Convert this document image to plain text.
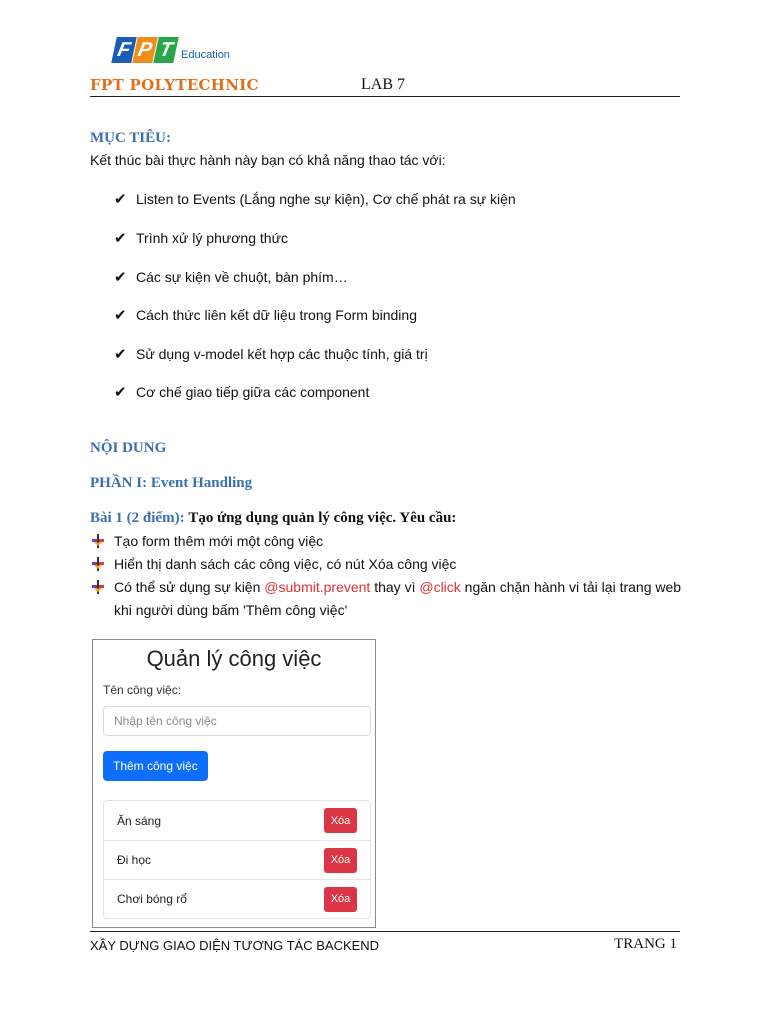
F P T Education
FPT POLYTECHNIC	LAB 7
MỤC TIÊU:
Kết thúc bài thực hành này bạn có khả năng thao tác với:
✔ Listen to Events (Lắng nghe sự kiện), Cơ chế phát ra sự kiện
✔ Trình xử lý phương thức
✔ Các sự kiện về chuột, bàn phím…
✔ Cách thức liên kết dữ liệu trong Form binding
✔ Sử dụng v-model kết hợp các thuộc tính, giá trị
✔ Cơ chế giao tiếp giữa các component
NỘI DUNG
PHẦN I: Event Handling
Bài 1 (2 điểm): Tạo ứng dụng quản lý công việc. Yêu cầu:
Tạo form thêm mới một công việc
Hiển thị danh sách các công việc, có nút Xóa công việc
Có thể sử dụng sự kiện @submit.prevent thay vì @click ngăn chặn hành vi tải lại trang web khi người dùng bấm 'Thêm công việc'
Quản lý công việc
Tên công việc:
Nhập tên công việc
Thêm công việc
Ăn sáng	Xóa
Đi học	Xóa
Chơi bóng rổ	Xóa
XÂY DỰNG GIAO DIỆN TƯƠNG TÁC BACKEND	TRANG 1
